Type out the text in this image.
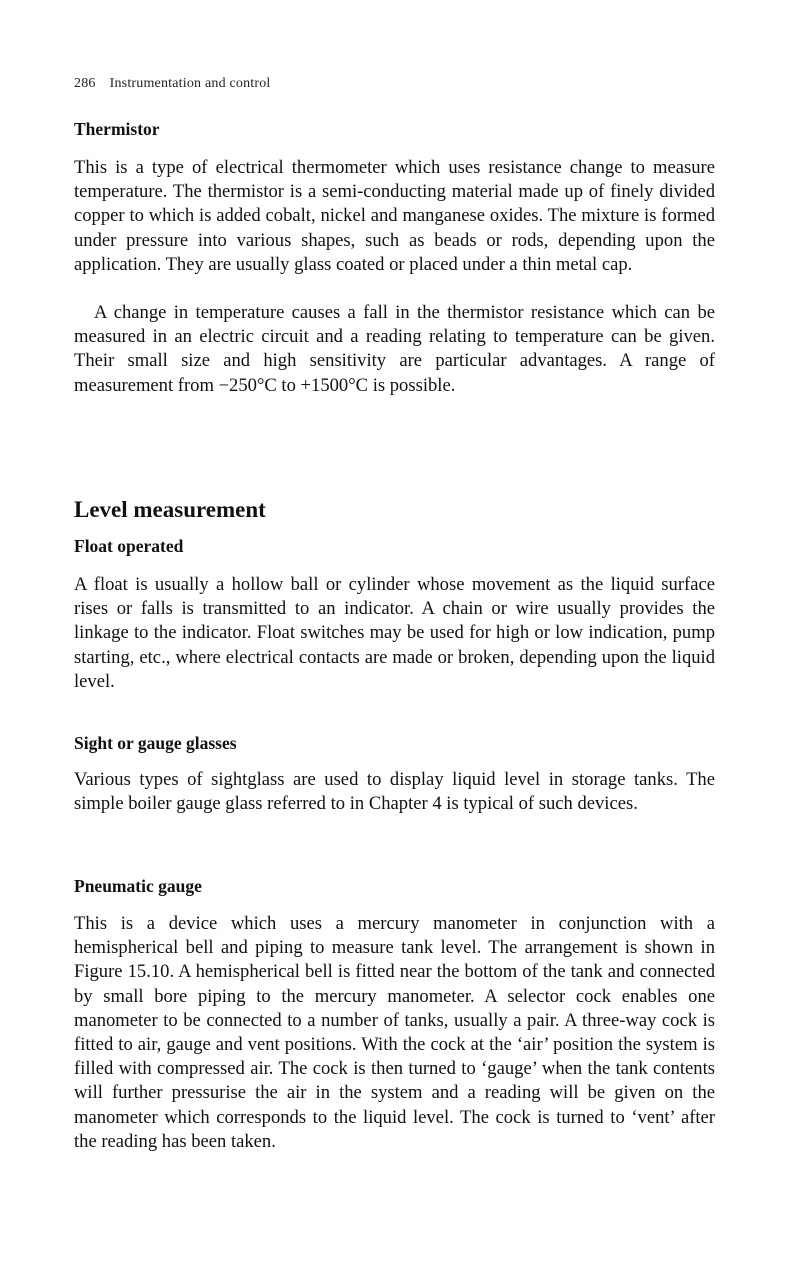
286 Instrumentation and control
Thermistor

This is a type of electrical thermometer which uses resistance change to measure temperature. The thermistor is a semi-conducting material made up of finely divided copper to which is added cobalt, nickel and manganese oxides. The mixture is formed under pressure into various shapes, such as beads or rods, depending upon the application. They are usually glass coated or placed under a thin metal cap.

A change in temperature causes a fall in the thermistor resistance which can be measured in an electric circuit and a reading relating to temperature can be given. Their small size and high sensitivity are particular advantages. A range of measurement from −250°C to +1500°C is possible.

Level measurement
Float operated

A float is usually a hollow ball or cylinder whose movement as the liquid surface rises or falls is transmitted to an indicator. A chain or wire usually provides the linkage to the indicator. Float switches may be used for high or low indication, pump starting, etc., where electrical contacts are made or broken, depending upon the liquid level.

Sight or gauge glasses

Various types of sightglass are used to display liquid level in storage tanks. The simple boiler gauge glass referred to in Chapter 4 is typical of such devices.

Pneumatic gauge

This is a device which uses a mercury manometer in conjunction with a hemispherical bell and piping to measure tank level. The arrangement is shown in Figure 15.10. A hemispherical bell is fitted near the bottom of the tank and connected by small bore piping to the mercury manometer. A selector cock enables one manometer to be connected to a number of tanks, usually a pair. A three-way cock is fitted to air, gauge and vent positions. With the cock at the ‘air’ position the system is filled with compressed air. The cock is then turned to ‘gauge’ when the tank contents will further pressurise the air in the system and a reading will be given on the manometer which corresponds to the liquid level. The cock is turned to ‘vent’ after the reading has been taken.
